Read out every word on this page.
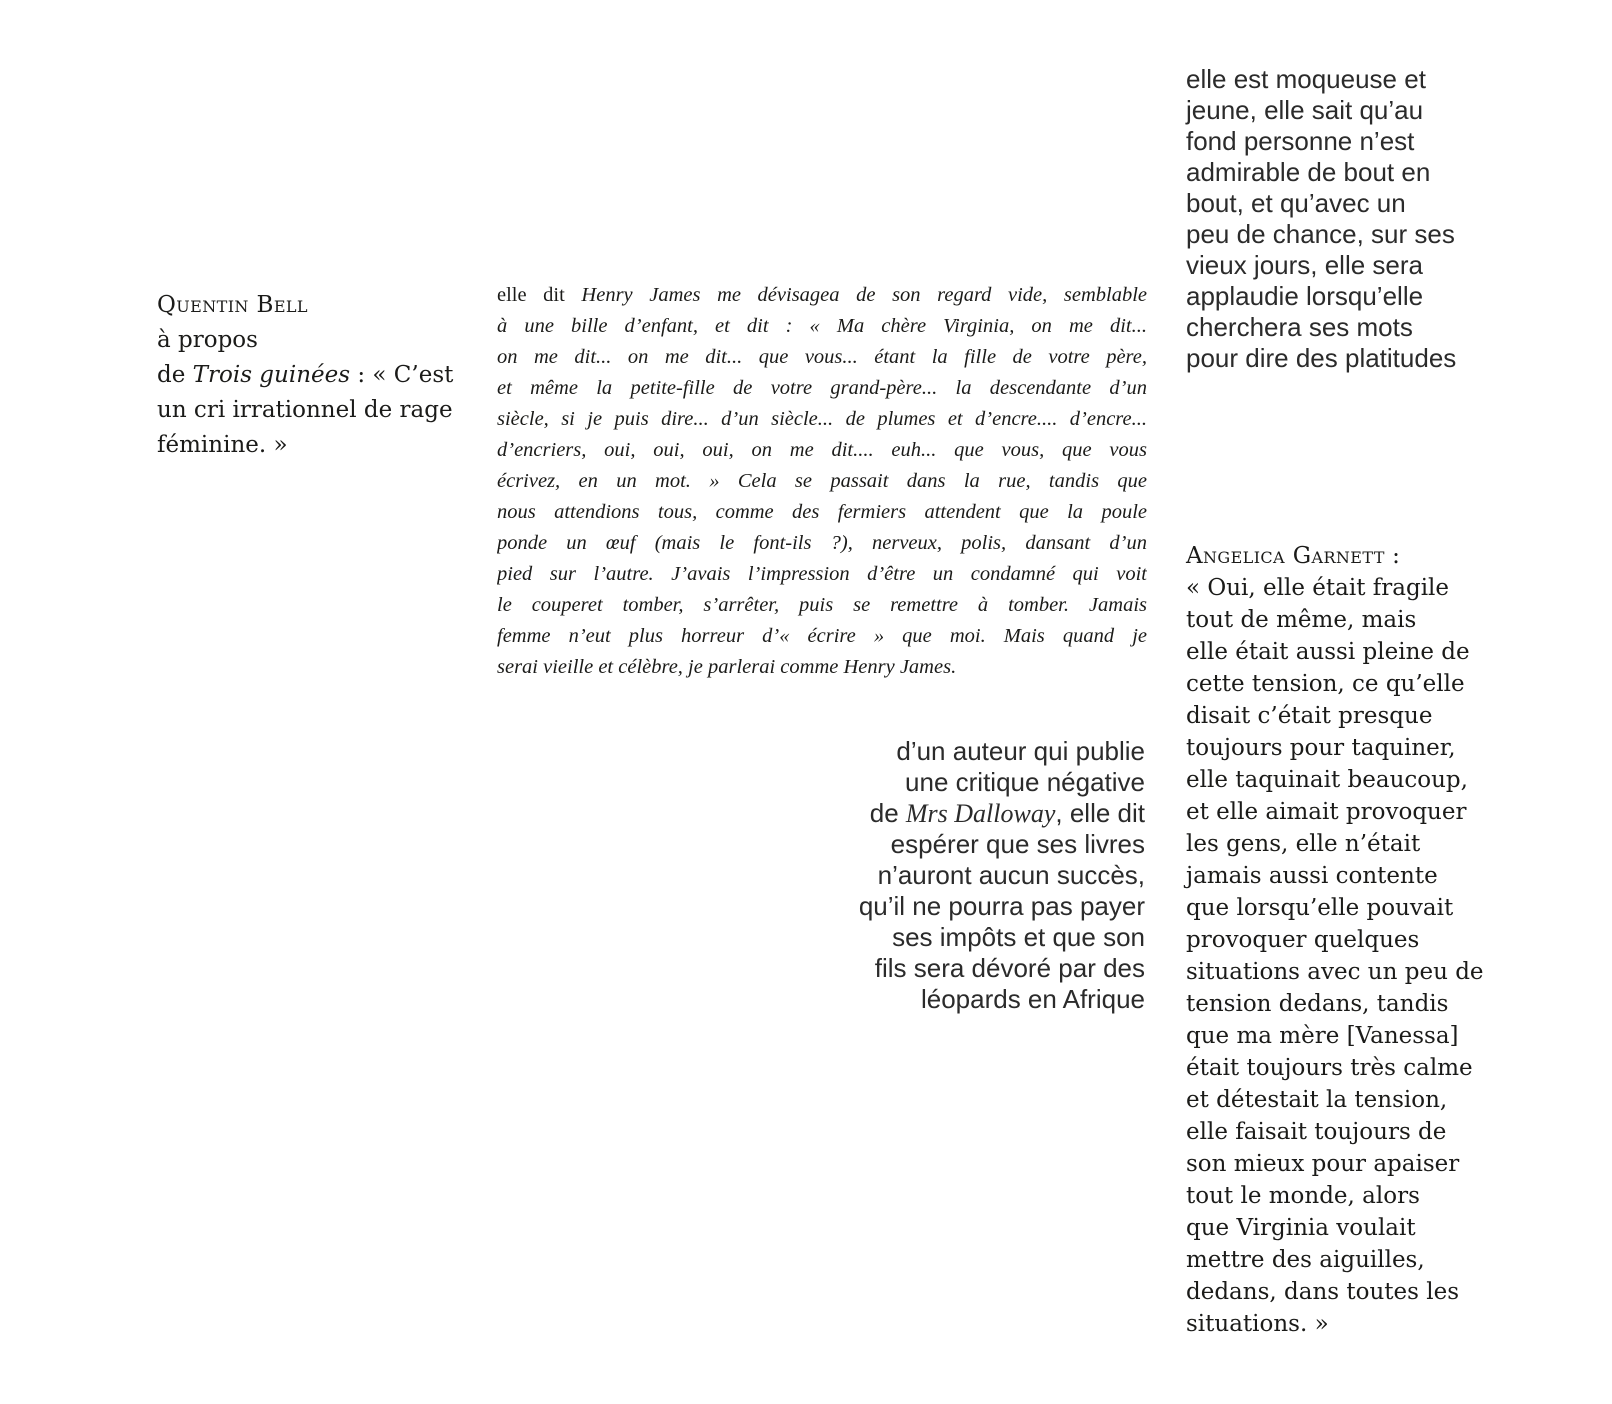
Quentin Bell
à propos
de Trois guinées : « C’est
un cri irrationnel de rage
féminine. »
elle dit Henry James me dévisagea de son regard vide, semblable
à une bille d’enfant, et dit : « Ma chère Virginia, on me dit...
on me dit... on me dit... que vous... étant la fille de votre père,
et même la petite-fille de votre grand-père... la descendante d’un
siècle, si je puis dire... d’un siècle... de plumes et d’encre.... d’encre...
d’encriers, oui, oui, oui, on me dit.... euh... que vous, que vous
écrivez, en un mot. » Cela se passait dans la rue, tandis que
nous attendions tous, comme des fermiers attendent que la poule
ponde un œuf (mais le font-ils ?), nerveux, polis, dansant d’un
pied sur l’autre. J’avais l’impression d’être un condamné qui voit
le couperet tomber, s’arrêter, puis se remettre à tomber. Jamais
femme n’eut plus horreur d’« écrire » que moi. Mais quand je
serai vieille et célèbre, je parlerai comme Henry James.
d’un auteur qui publie
une critique négative
de Mrs Dalloway, elle dit
espérer que ses livres
n’auront aucun succès,
qu’il ne pourra pas payer
ses impôts et que son
fils sera dévoré par des
léopards en Afrique
elle est moqueuse et
jeune, elle sait qu’au
fond personne n’est
admirable de bout en
bout, et qu’avec un
peu de chance, sur ses
vieux jours, elle sera
applaudie lorsqu’elle
cherchera ses mots
pour dire des platitudes
Angelica Garnett :
« Oui, elle était fragile
tout de même, mais
elle était aussi pleine de
cette tension, ce qu’elle
disait c’était presque
toujours pour taquiner,
elle taquinait beaucoup,
et elle aimait provoquer
les gens, elle n’était
jamais aussi contente
que lorsqu’elle pouvait
provoquer quelques
situations avec un peu de
tension dedans, tandis
que ma mère [Vanessa]
était toujours très calme
et détestait la tension,
elle faisait toujours de
son mieux pour apaiser
tout le monde, alors
que Virginia voulait
mettre des aiguilles,
dedans, dans toutes les
situations. »
